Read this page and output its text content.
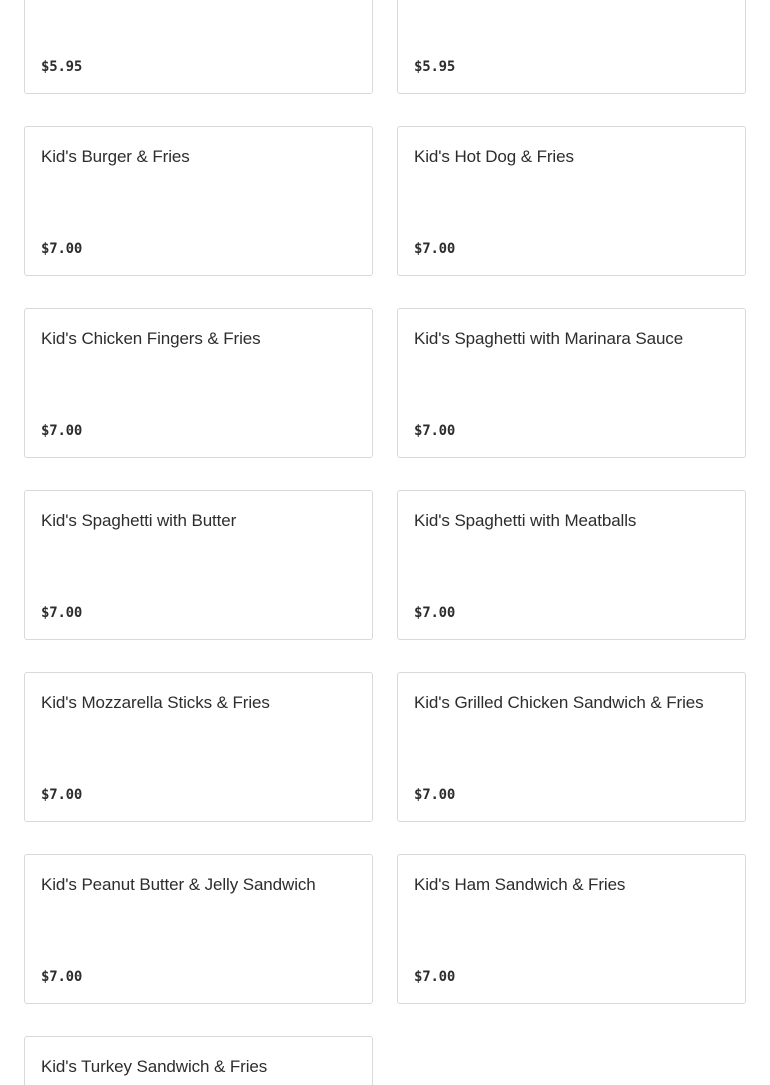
$5.95	$5.95
Kid's Burger & Fries
$7.00
Kid's Hot Dog & Fries
$7.00
Kid's Chicken Fingers & Fries
$7.00
Kid's Spaghetti with Marinara Sauce
$7.00
Kid's Spaghetti with Butter
$7.00
Kid's Spaghetti with Meatballs
$7.00
Kid's Mozzarella Sticks & Fries
$7.00
Kid's Grilled Chicken Sandwich & Fries
$7.00
Kid's Peanut Butter & Jelly Sandwich
$7.00
Kid's Ham Sandwich & Fries
$7.00
Kid's Turkey Sandwich & Fries
